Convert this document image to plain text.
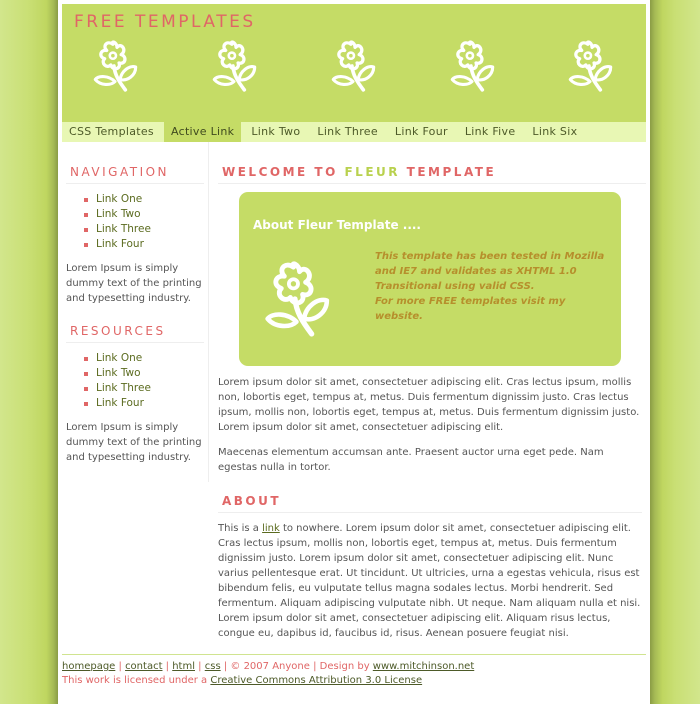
FREE TEMPLATES
CSS Templates	Active Link	Link Two	Link Three	Link Four	Link Five	Link Six
NAVIGATION
Link One
Link Two
Link Three
Link Four

Lorem Ipsum is simply dummy text of the printing and typesetting industry.

RESOURCES
Link One
Link Two
Link Three
Link Four

Lorem Ipsum is simply dummy text of the printing and typesetting industry.

WELCOME TO FLEUR TEMPLATE
About Fleur Template ....
This template has been tested in Mozilla and IE7 and validates as XHTML 1.0 Transitional using valid CSS.
For more FREE templates visit my website.

Lorem ipsum dolor sit amet, consectetuer adipiscing elit. Cras lectus ipsum, mollis non, lobortis eget, tempus at, metus. Duis fermentum dignissim justo. Cras lectus ipsum, mollis non, lobortis eget, tempus at, metus. Duis fermentum dignissim justo. Lorem ipsum dolor sit amet, consectetuer adipiscing elit.

Maecenas elementum accumsan ante. Praesent auctor urna eget pede. Nam egestas nulla in tortor.

ABOUT

This is a link to nowhere. Lorem ipsum dolor sit amet, consectetuer adipiscing elit. Cras lectus ipsum, mollis non, lobortis eget, tempus at, metus. Duis fermentum dignissim justo. Lorem ipsum dolor sit amet, consectetuer adipiscing elit. Nunc varius pellentesque erat. Ut tincidunt. Ut ultricies, urna a egestas vehicula, risus est bibendum felis, eu vulputate tellus magna sodales lectus. Morbi hendrerit. Sed fermentum. Aliquam adipiscing vulputate nibh. Ut neque. Nam aliquam nulla et nisi. Lorem ipsum dolor sit amet, consectetuer adipiscing elit. Aliquam risus lectus, congue eu, dapibus id, faucibus id, risus. Aenean posuere feugiat nisi.

homepage | contact | html | css | © 2007 Anyone | Design by www.mitchinson.net
This work is licensed under a Creative Commons Attribution 3.0 License
